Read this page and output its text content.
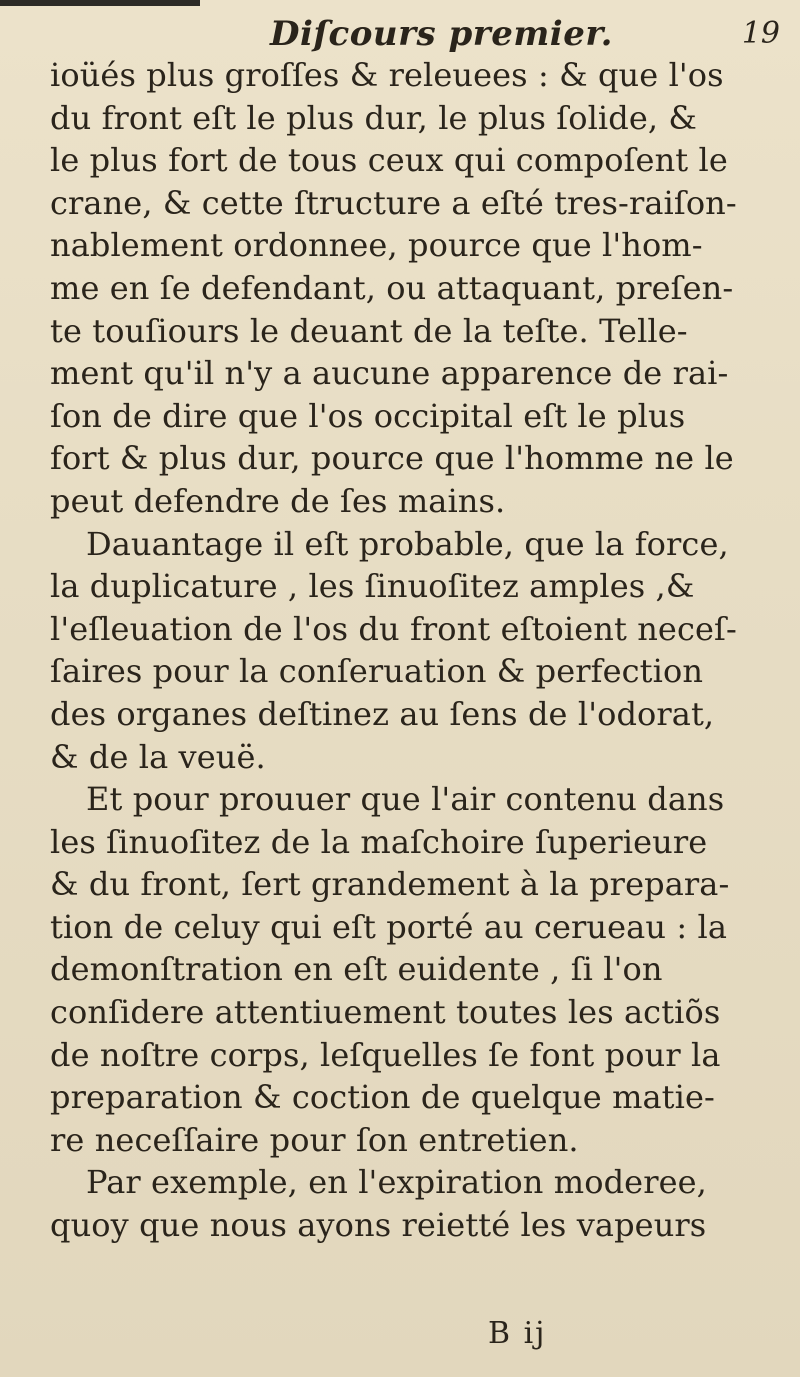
Diſcours premier.	19
ioüés plus groſſes & releuees : & que l'os
du front eſt le plus dur, le plus ſolide, &
le plus fort de tous ceux qui compoſent le
crane, & cette ſtructure a eſté tres-raiſon-
nablement ordonnee, pource que l'hom-
me en ſe defendant, ou attaquant, preſen-
te touſiours le deuant de la teſte. Telle-
ment qu'il n'y a aucune apparence de rai-
ſon de dire que l'os occipital eſt le plus
fort & plus dur, pource que l'homme ne le
peut defendre de ſes mains.
Dauantage il eſt probable, que la force,
la duplicature , les ſinuoſitez amples ,&
l'eſleuation de l'os du front eſtoient neceſ-
ſaires pour la conſeruation & perfection
des organes deſtinez au ſens de l'odorat,
& de la veuë.
Et pour prouuer que l'air contenu dans
les ſinuoſitez de la maſchoire ſuperieure
& du front, ſert grandement à la prepara-
tion de celuy qui eſt porté au cerueau : la
demonſtration en eſt euidente , ſi l'on
conſidere attentiuement toutes les actiõs
de noſtre corps, leſquelles ſe font pour la
preparation & coction de quelque matie-
re neceſſaire pour ſon entretien.
Par exemple, en l'expiration moderee,
quoy que nous ayons reietté les vapeurs
B ij
